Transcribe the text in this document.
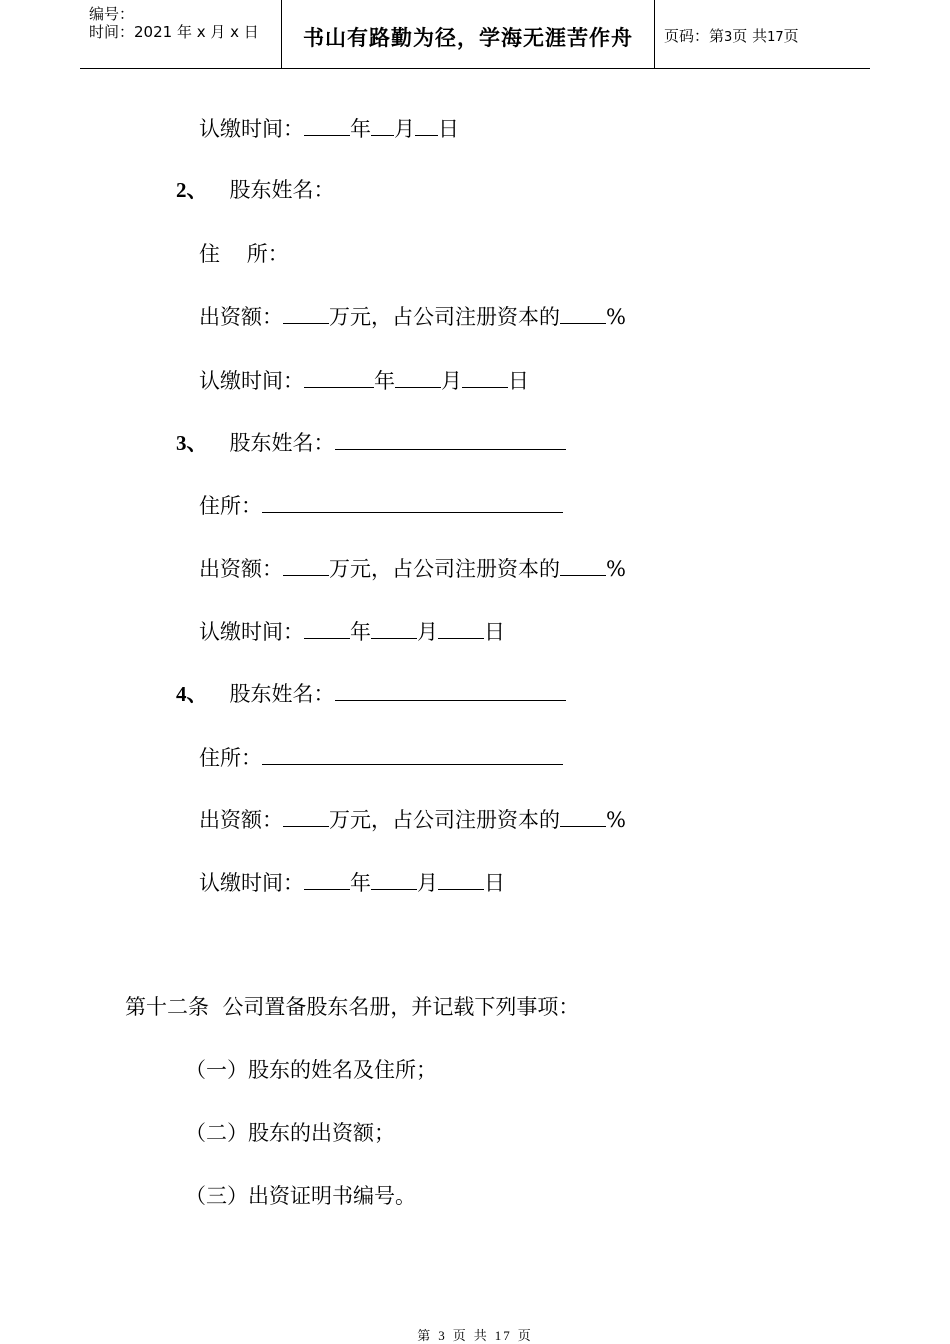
编号：
时间：2021 年 x 月 x 日	书山有路勤为径，学海无涯苦作舟	页码：第3页 共17页
认缴时间： 年 月 日
2、 股东姓名：
住    所：
出资额： 万元，占公司注册资本的 %
认缴时间：	年 月 日
3、 股东姓名：
住所：
出资额： 万元，占公司注册资本的 %
认缴时间： 年 月 日
4、 股东姓名：
住所：
出资额： 万元，占公司注册资本的 %
认缴时间： 年 月 日
第十二条  公司置备股东名册，并记载下列事项：
（一）股东的姓名及住所；
（二）股东的出资额；
（三）出资证明书编号。
第 3 页 共 17 页
